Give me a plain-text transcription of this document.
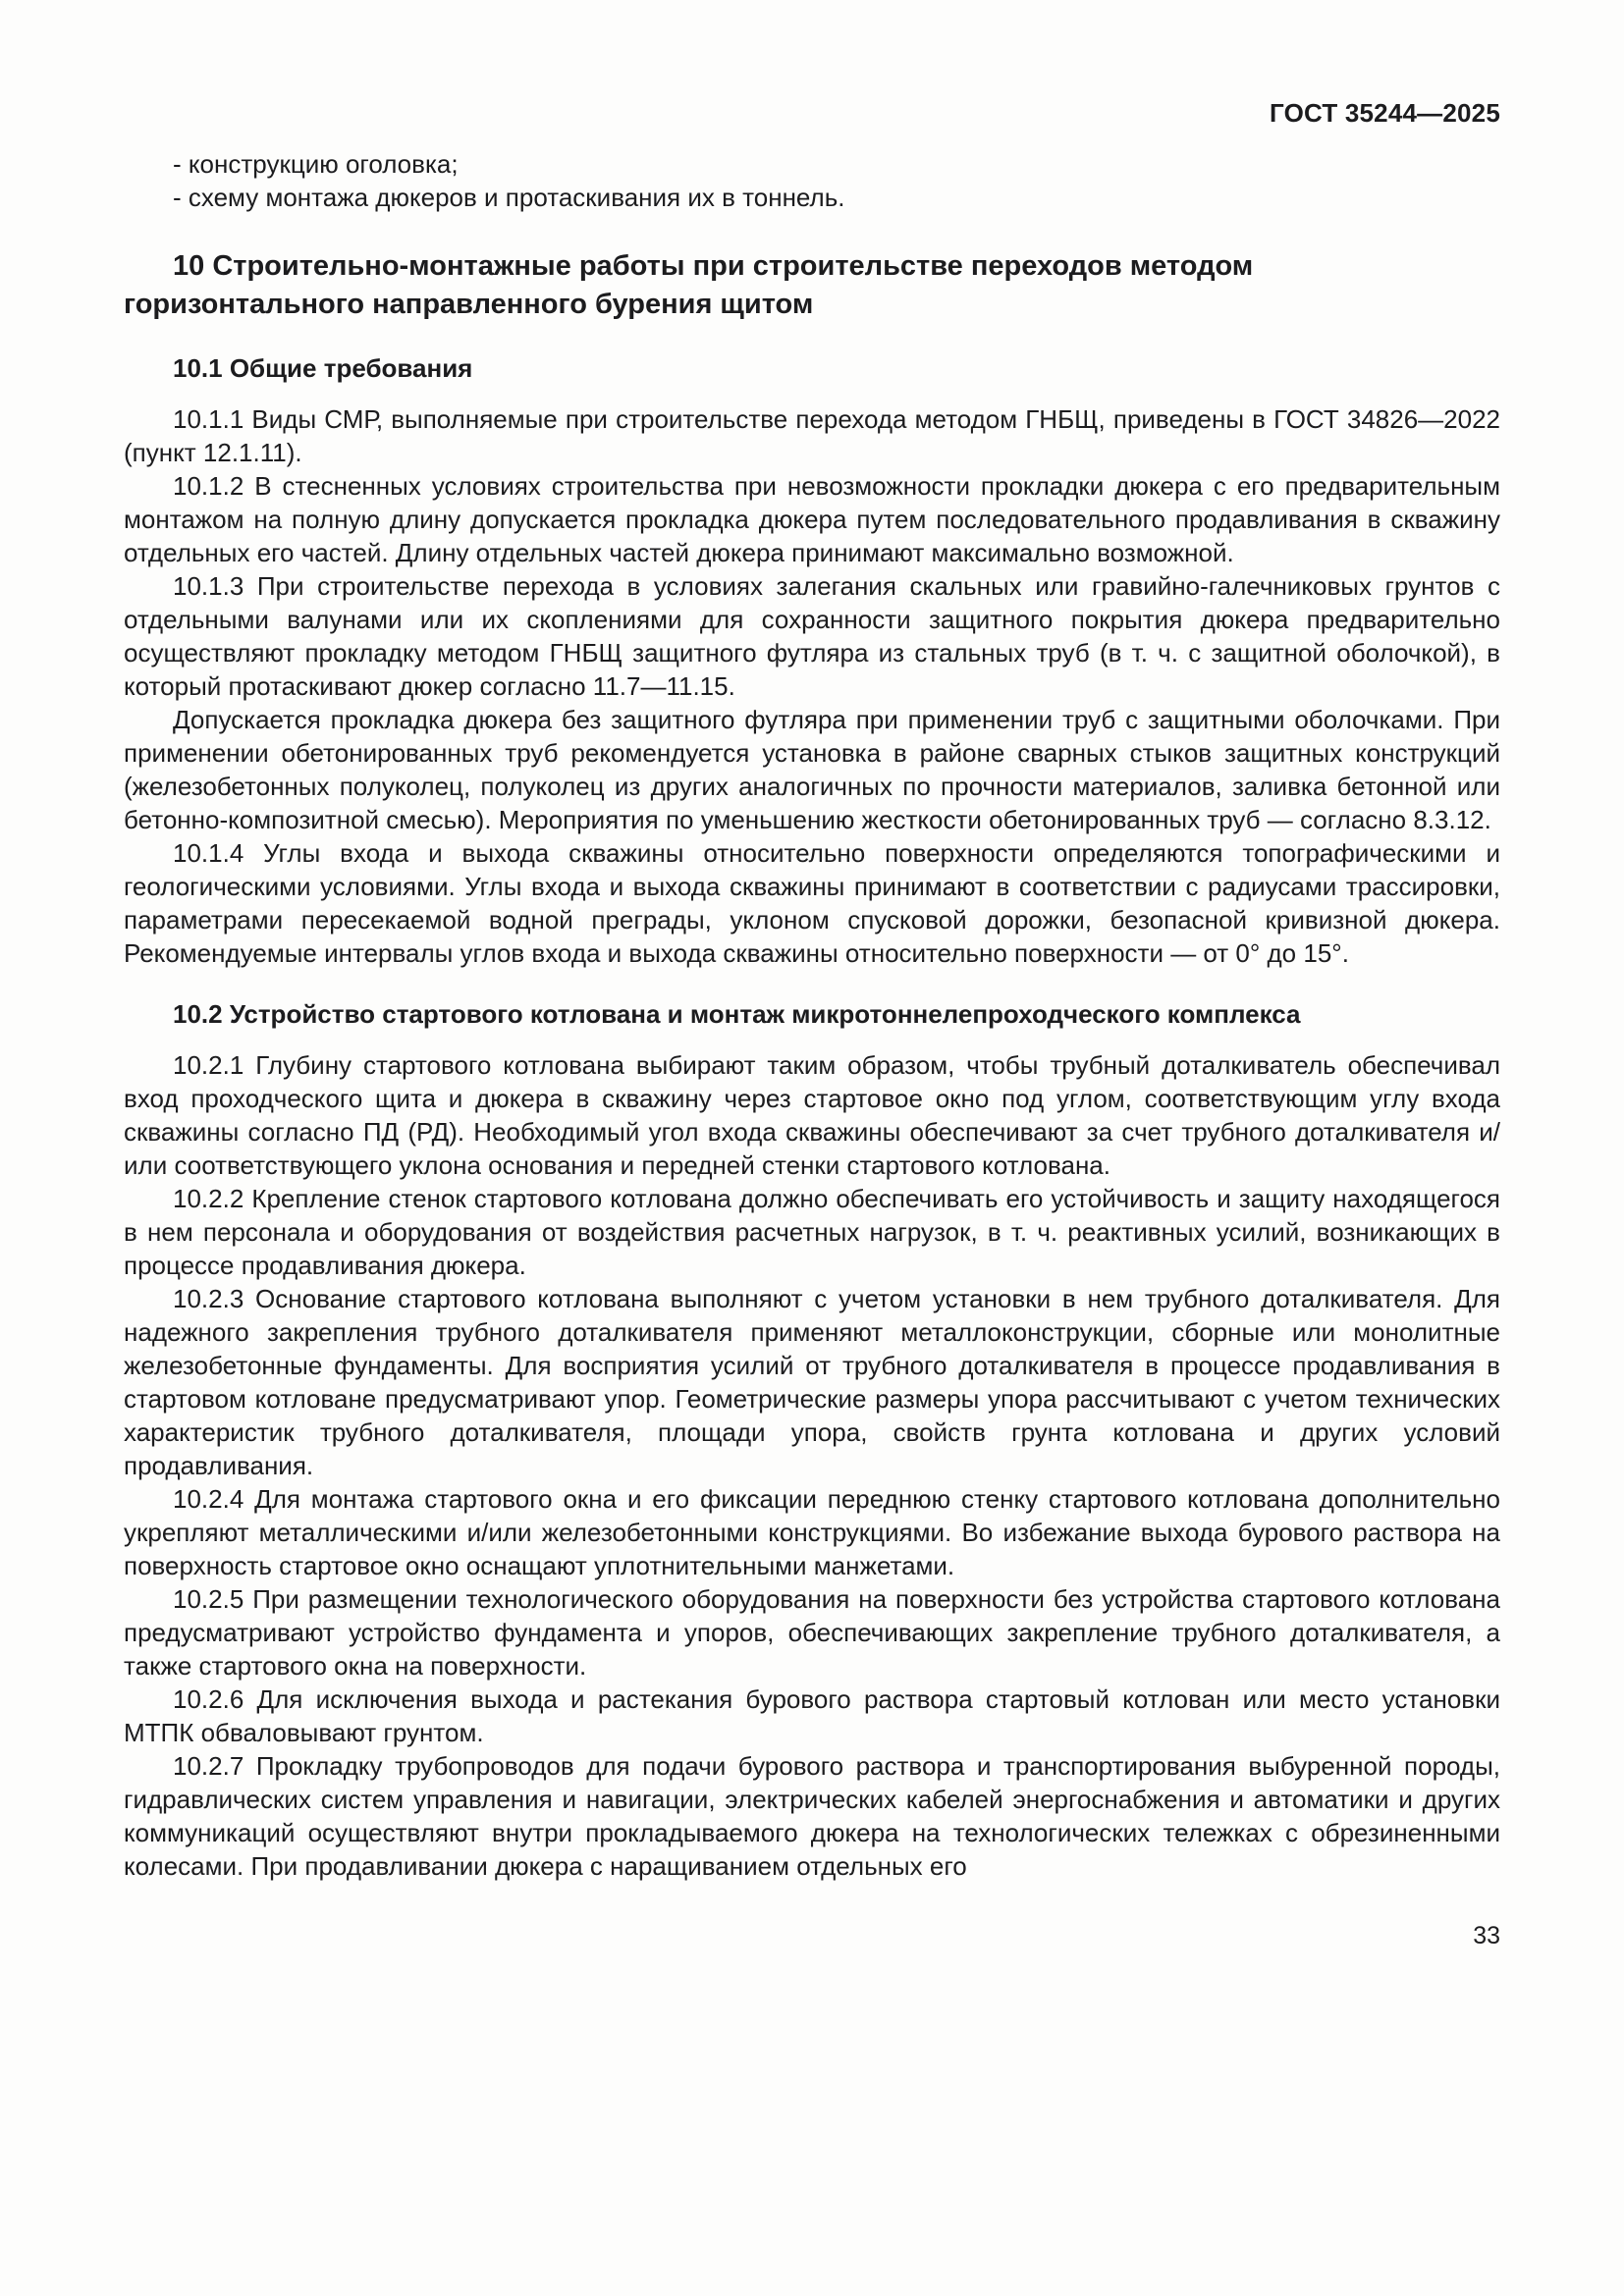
ГОСТ 35244—2025
- конструкцию оголовка;
- схему монтажа дюкеров и протаскивания их в тоннель.
10 Строительно-монтажные работы при строительстве переходов методом горизонтального направленного бурения щитом
10.1 Общие требования
10.1.1 Виды СМР, выполняемые при строительстве перехода методом ГНБЩ, приведены в ГОСТ 34826—2022 (пункт 12.1.11).
10.1.2 В стесненных условиях строительства при невозможности прокладки дюкера с его предварительным монтажом на полную длину допускается прокладка дюкера путем последовательного продавливания в скважину отдельных его частей. Длину отдельных частей дюкера принимают максимально возможной.
10.1.3 При строительстве перехода в условиях залегания скальных или гравийно-галечниковых грунтов с отдельными валунами или их скоплениями для сохранности защитного покрытия дюкера предварительно осуществляют прокладку методом ГНБЩ защитного футляра из стальных труб (в т. ч. с защитной оболочкой), в который протаскивают дюкер согласно 11.7—11.15.
Допускается прокладка дюкера без защитного футляра при применении труб с защитными оболочками. При применении обетонированных труб рекомендуется установка в районе сварных стыков защитных конструкций (железобетонных полуколец, полуколец из других аналогичных по прочности материалов, заливка бетонной или бетонно-композитной смесью). Мероприятия по уменьшению жесткости обетонированных труб — согласно 8.3.12.
10.1.4 Углы входа и выхода скважины относительно поверхности определяются топографическими и геологическими условиями. Углы входа и выхода скважины принимают в соответствии с радиусами трассировки, параметрами пересекаемой водной преграды, уклоном спусковой дорожки, безопасной кривизной дюкера. Рекомендуемые интервалы углов входа и выхода скважины относительно поверхности — от 0° до 15°.
10.2 Устройство стартового котлована и монтаж микротоннелепроходческого комплекса
10.2.1 Глубину стартового котлована выбирают таким образом, чтобы трубный доталкиватель обеспечивал вход проходческого щита и дюкера в скважину через стартовое окно под углом, соответствующим углу входа скважины согласно ПД (РД). Необходимый угол входа скважины обеспечивают за счет трубного доталкивателя и/или соответствующего уклона основания и передней стенки стартового котлована.
10.2.2 Крепление стенок стартового котлована должно обеспечивать его устойчивость и защиту находящегося в нем персонала и оборудования от воздействия расчетных нагрузок, в т. ч. реактивных усилий, возникающих в процессе продавливания дюкера.
10.2.3 Основание стартового котлована выполняют с учетом установки в нем трубного доталкивателя. Для надежного закрепления трубного доталкивателя применяют металлоконструкции, сборные или монолитные железобетонные фундаменты. Для восприятия усилий от трубного доталкивателя в процессе продавливания в стартовом котловане предусматривают упор. Геометрические размеры упора рассчитывают с учетом технических характеристик трубного доталкивателя, площади упора, свойств грунта котлована и других условий продавливания.
10.2.4 Для монтажа стартового окна и его фиксации переднюю стенку стартового котлована дополнительно укрепляют металлическими и/или железобетонными конструкциями. Во избежание выхода бурового раствора на поверхность стартовое окно оснащают уплотнительными манжетами.
10.2.5 При размещении технологического оборудования на поверхности без устройства стартового котлована предусматривают устройство фундамента и упоров, обеспечивающих закрепление трубного доталкивателя, а также стартового окна на поверхности.
10.2.6 Для исключения выхода и растекания бурового раствора стартовый котлован или место установки МТПК обваловывают грунтом.
10.2.7 Прокладку трубопроводов для подачи бурового раствора и транспортирования выбуренной породы, гидравлических систем управления и навигации, электрических кабелей энергоснабжения и автоматики и других коммуникаций осуществляют внутри прокладываемого дюкера на технологических тележках с обрезиненными колесами. При продавливании дюкера с наращиванием отдельных его
33
